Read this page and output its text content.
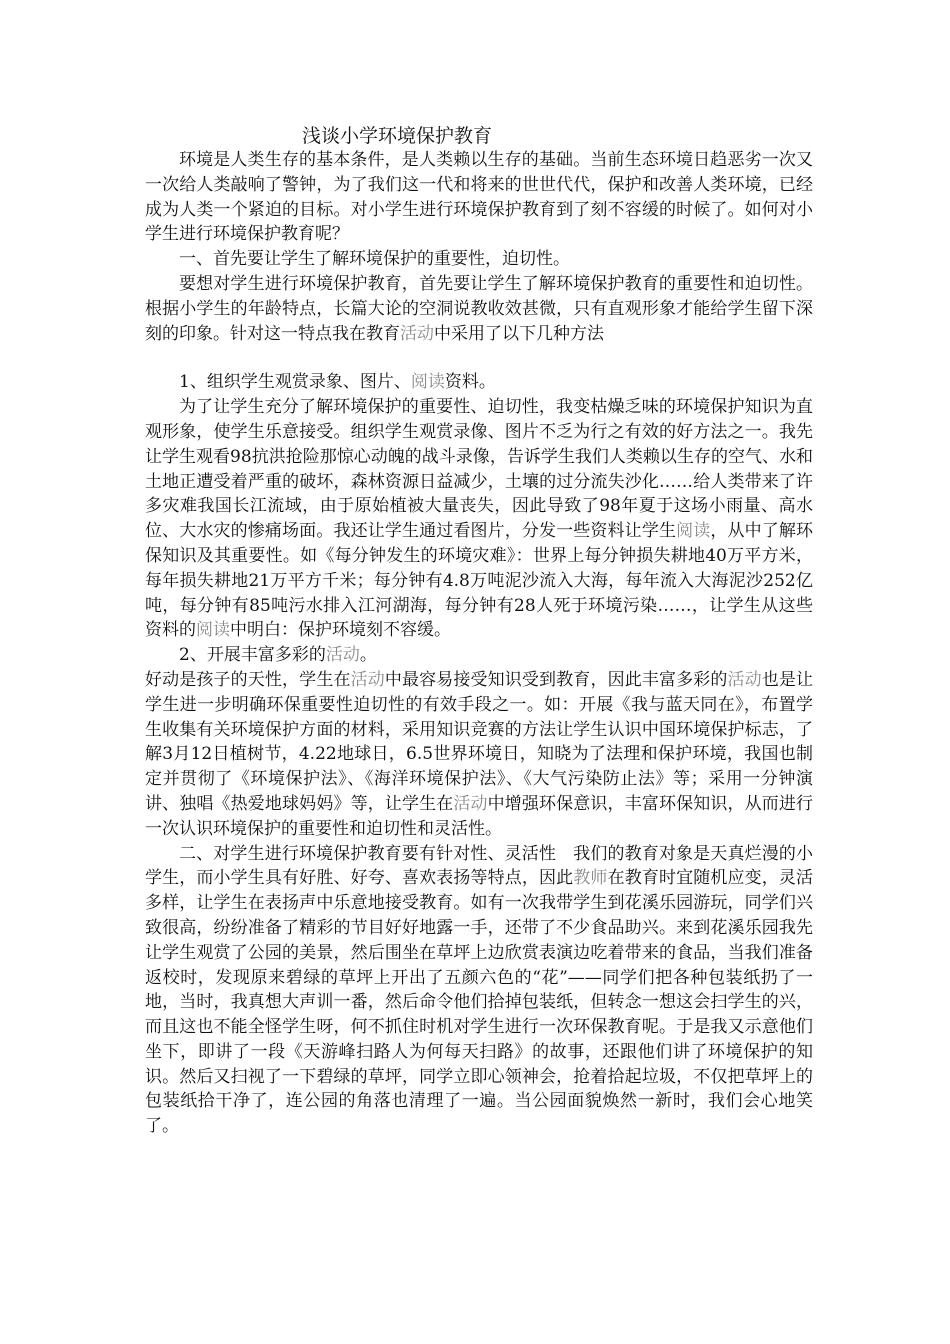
浅谈小学环境保护教育

环境是人类生存的基本条件，是人类赖以生存的基础。当前生态环境日趋恶劣一次又一次给人类敲响了警钟，为了我们这一代和将来的世世代代，保护和改善人类环境，已经成为人类一个紧迫的目标。对小学生进行环境保护教育到了刻不容缓的时候了。如何对小学生进行环境保护教育呢？

一、首先要让学生了解环境保护的重要性，迫切性。

要想对学生进行环境保护教育，首先要让学生了解环境保护教育的重要性和迫切性。根据小学生的年龄特点，长篇大论的空洞说教收效甚微，只有直观形象才能给学生留下深刻的印象。针对这一特点我在教育活动中采用了以下几种方法

1、组织学生观赏录象、图片、阅读资料。

为了让学生充分了解环境保护的重要性、迫切性，我变枯燥乏味的环境保护知识为直观形象，使学生乐意接受。组织学生观赏录像、图片不乏为行之有效的好方法之一。我先让学生观看98抗洪抢险那惊心动魄的战斗录像，告诉学生我们人类赖以生存的空气、水和土地正遭受着严重的破坏，森林资源日益减少，土壤的过分流失沙化……给人类带来了许多灾难我国长江流域，由于原始植被大量丧失，因此导致了98年夏于这场小雨量、高水位、大水灾的惨痛场面。我还让学生通过看图片，分发一些资料让学生阅读，从中了解环保知识及其重要性。如《每分钟发生的环境灾难》：世界上每分钟损失耕地40万平方米，每年损失耕地21万平方千米；每分钟有4.8万吨泥沙流入大海，每年流入大海泥沙252亿吨，每分钟有85吨污水排入江河湖海，每分钟有28人死于环境污染……，让学生从这些资料的阅读中明白：保护环境刻不容缓。

2、开展丰富多彩的活动。

好动是孩子的天性，学生在活动中最容易接受知识受到教育，因此丰富多彩的活动也是让学生进一步明确环保重要性迫切性的有效手段之一。如：开展《我与蓝天同在》，布置学生收集有关环境保护方面的材料，采用知识竞赛的方法让学生认识中国环境保护标志，了解3月12日植树节，4.22地球日，6.5世界环境日，知晓为了法理和保护环境，我国也制定并贯彻了《环境保护法》、《海洋环境保护法》、《大气污染防止法》等；采用一分钟演讲、独唱《热爱地球妈妈》等，让学生在活动中增强环保意识，丰富环保知识，从而进行一次认识环境保护的重要性和迫切性和灵活性。

二、对学生进行环境保护教育要有针对性、灵活性　我们的教育对象是天真烂漫的小学生，而小学生具有好胜、好夸、喜欢表扬等特点，因此教师在教育时宜随机应变，灵活多样，让学生在表扬声中乐意地接受教育。如有一次我带学生到花溪乐园游玩，同学们兴致很高，纷纷准备了精彩的节目好好地露一手，还带了不少食品助兴。来到花溪乐园我先让学生观赏了公园的美景，然后围坐在草坪上边欣赏表演边吃着带来的食品，当我们准备返校时，发现原来碧绿的草坪上开出了五颜六色的“花”——同学们把各种包装纸扔了一地，当时，我真想大声训一番，然后命令他们拾掉包装纸，但转念一想这会扫学生的兴，而且这也不能全怪学生呀，何不抓住时机对学生进行一次环保教育呢。于是我又示意他们坐下，即讲了一段《天游峰扫路人为何每天扫路》的故事，还跟他们讲了环境保护的知识。然后又扫视了一下碧绿的草坪，同学立即心领神会，抢着拾起垃圾，不仅把草坪上的包装纸拾干净了，连公园的角落也清理了一遍。当公园面貌焕然一新时，我们会心地笑了。
